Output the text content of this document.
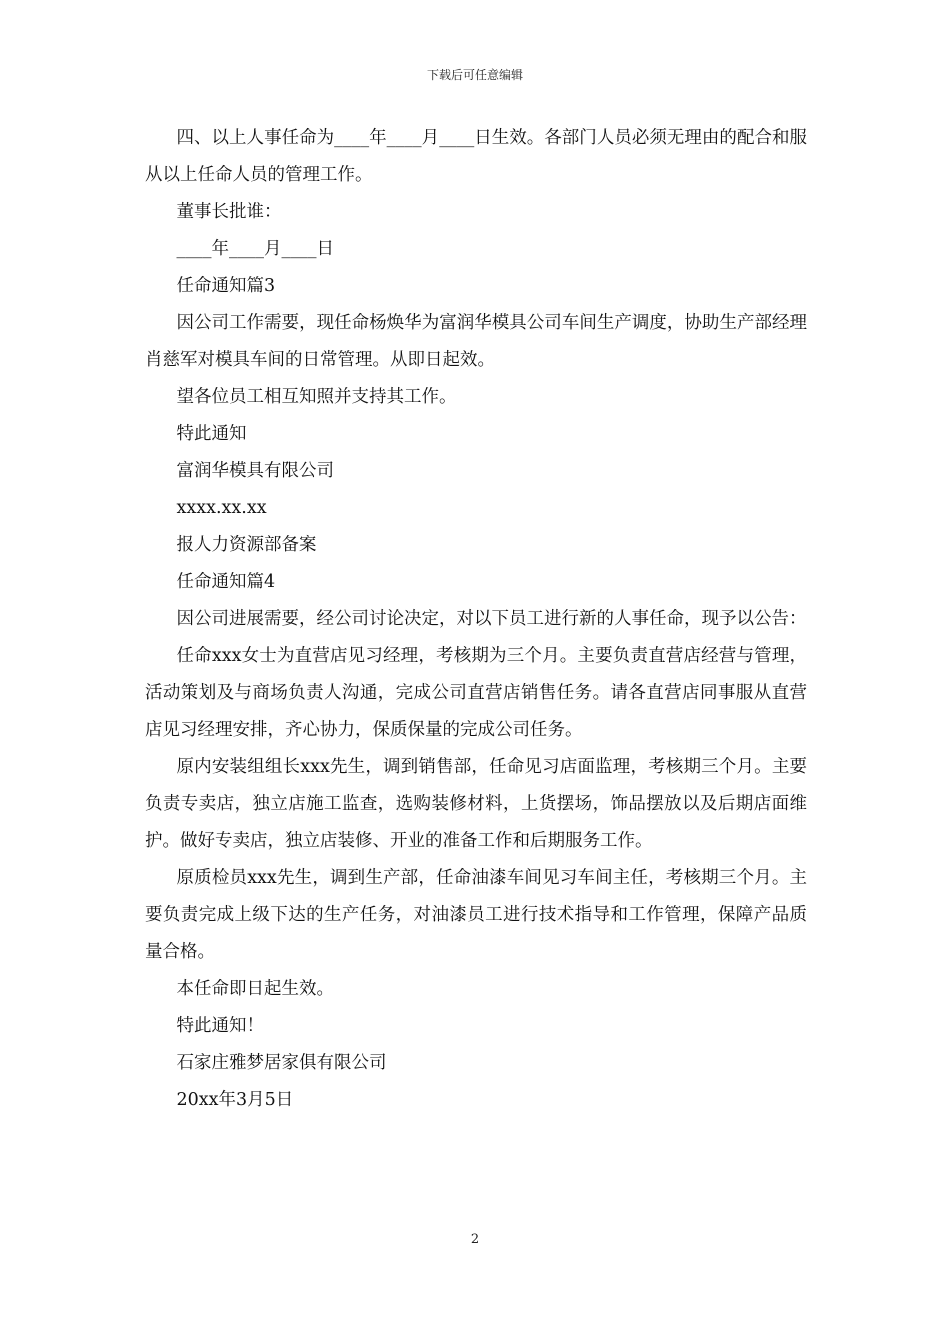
下载后可任意编辑

四、以上人事任命为____年____月____日生效。各部门人员必须无理由的配合和服从以上任命人员的管理工作。

董事长批谁：

____年____月____日

任命通知篇3

因公司工作需要，现任命杨焕华为富润华模具公司车间生产调度，协助生产部经理肖慈军对模具车间的日常管理。从即日起效。

望各位员工相互知照并支持其工作。

特此通知

富润华模具有限公司

xxxx.xx.xx

报人力资源部备案

任命通知篇4

因公司进展需要，经公司讨论决定，对以下员工进行新的人事任命，现予以公告：

任命xxx女士为直营店见习经理，考核期为三个月。主要负责直营店经营与管理，活动策划及与商场负责人沟通，完成公司直营店销售任务。请各直营店同事服从直营店见习经理安排，齐心协力，保质保量的完成公司任务。

原内安装组组长xxx先生，调到销售部，任命见习店面监理，考核期三个月。主要负责专卖店，独立店施工监查，选购装修材料，上货摆场，饰品摆放以及后期店面维护。做好专卖店，独立店装修、开业的准备工作和后期服务工作。

原质检员xxx先生，调到生产部，任命油漆车间见习车间主任，考核期三个月。主要负责完成上级下达的生产任务，对油漆员工进行技术指导和工作管理，保障产品质量合格。

本任命即日起生效。

特此通知！

石家庄雅梦居家俱有限公司

20xx年3月5日

2
